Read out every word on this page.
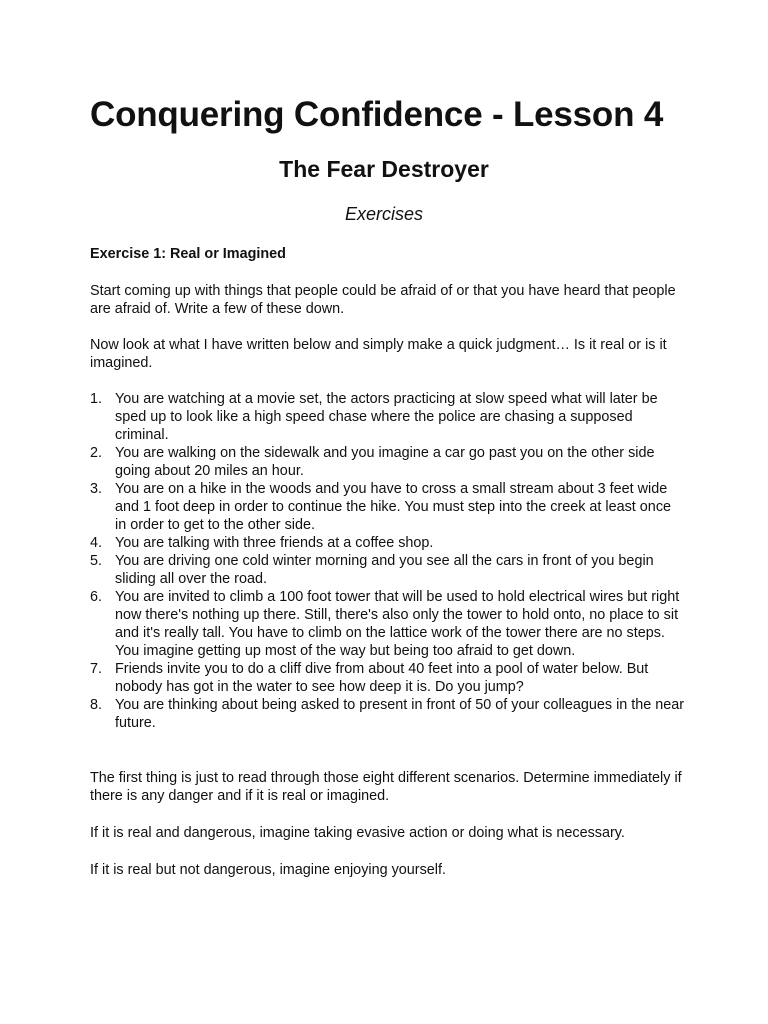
Conquering Confidence - Lesson 4
The Fear Destroyer
Exercises

Exercise 1: Real or Imagined

Start coming up with things that people could be afraid of or that you have heard that people are afraid of. Write a few of these down.

Now look at what I have written below and simply make a quick judgment… Is it real or is it imagined.

1. You are watching at a movie set, the actors practicing at slow speed what will later be sped up to look like a high speed chase where the police are chasing a supposed criminal.
2. You are walking on the sidewalk and you imagine a car go past you on the other side going about 20 miles an hour.
3. You are on a hike in the woods and you have to cross a small stream about 3 feet wide and 1 foot deep in order to continue the hike. You must step into the creek at least once in order to get to the other side.
4. You are talking with three friends at a coffee shop.
5. You are driving one cold winter morning and you see all the cars in front of you begin sliding all over the road.
6. You are invited to climb a 100 foot tower that will be used to hold electrical wires but right now there's nothing up there. Still, there's also only the tower to hold onto, no place to sit and it's really tall. You have to climb on the lattice work of the tower there are no steps. You imagine getting up most of the way but being too afraid to get down.
7. Friends invite you to do a cliff dive from about 40 feet into a pool of water below. But nobody has got in the water to see how deep it is. Do you jump?
8. You are thinking about being asked to present in front of 50 of your colleagues in the near future.

The first thing is just to read through those eight different scenarios. Determine immediately if there is any danger and if it is real or imagined.

If it is real and dangerous, imagine taking evasive action or doing what is necessary.

If it is real but not dangerous, imagine enjoying yourself.
